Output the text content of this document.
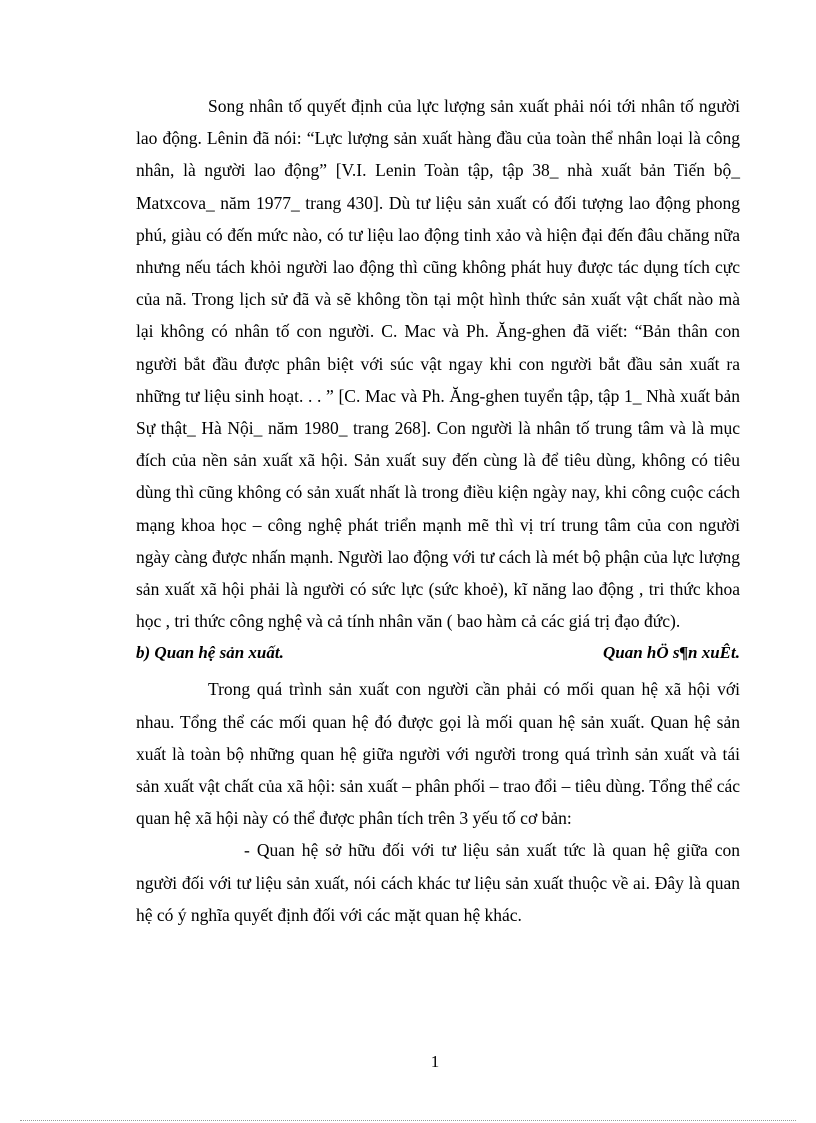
Song nhân tố quyết định của lực lượng sản xuất phải nói tới nhân tố người lao động. Lênin đã nói: “Lực lượng sản xuất hàng đầu của toàn thể nhân loại là công nhân, là người lao động” [V.I. Lenin Toàn tập, tập 38_ nhà xuất bản Tiến bộ_ Matxcova_ năm 1977_ trang 430]. Dù tư liệu sản xuất có đối tượng lao động phong phú, giàu có đến mức nào, có tư liệu lao động tinh xảo và hiện đại đến đâu chăng nữa nhưng nếu tách khỏi người lao động thì cũng không phát huy được tác dụng tích cực của nã. Trong lịch sử đã và sẽ không tồn tại một hình thức sản xuất vật chất nào mà lại không có nhân tố con người. C. Mac và Ph. Ăng-ghen đã viết: “Bản thân con người bắt đầu được phân biệt với súc vật ngay khi con người bắt đầu sản xuất ra những tư liệu sinh hoạt. . . ” [C. Mac và Ph. Ăng-ghen tuyển tập, tập 1_ Nhà xuất bản Sự thật_ Hà Nội_ năm 1980_ trang 268]. Con người là nhân tố trung tâm và là mục đích của nền sản xuất xã hội. Sản xuất suy đến cùng là để tiêu dùng, không có tiêu dùng thì cũng không có sản xuất nhất là trong điều kiện ngày nay, khi công cuộc cách mạng khoa học – công nghệ phát triển mạnh mẽ thì vị trí trung tâm của con người ngày càng được nhấn mạnh. Người lao động với tư cách là mét bộ phận của lực lượng sản xuất xã hội phải là người có sức lực (sức khoẻ), kĩ năng lao động , tri thức khoa học , tri thức công nghệ và cả tính nhân văn ( bao hàm cả các giá trị đạo đức).

b) Quan hệ sản xuất.	Quan hÖ s¶n xuÊt.

Trong quá trình sản xuất con người cần phải có mối quan hệ xã hội với nhau. Tổng thể các mối quan hệ đó được gọi là mối quan hệ sản xuất. Quan hệ sản xuất là toàn bộ những quan hệ giữa người với người trong quá trình sản xuất và tái sản xuất vật chất của xã hội: sản xuất – phân phối – trao đổi – tiêu dùng. Tổng thể các quan hệ xã hội này có thể được phân tích trên 3 yếu tố cơ bản:

- Quan hệ sở hữu đối với tư liệu sản xuất tức là quan hệ giữa con người đối với tư liệu sản xuất, nói cách khác tư liệu sản xuất thuộc về ai. Đây là quan hệ có ý nghĩa quyết định đối với các mặt quan hệ khác.

1
